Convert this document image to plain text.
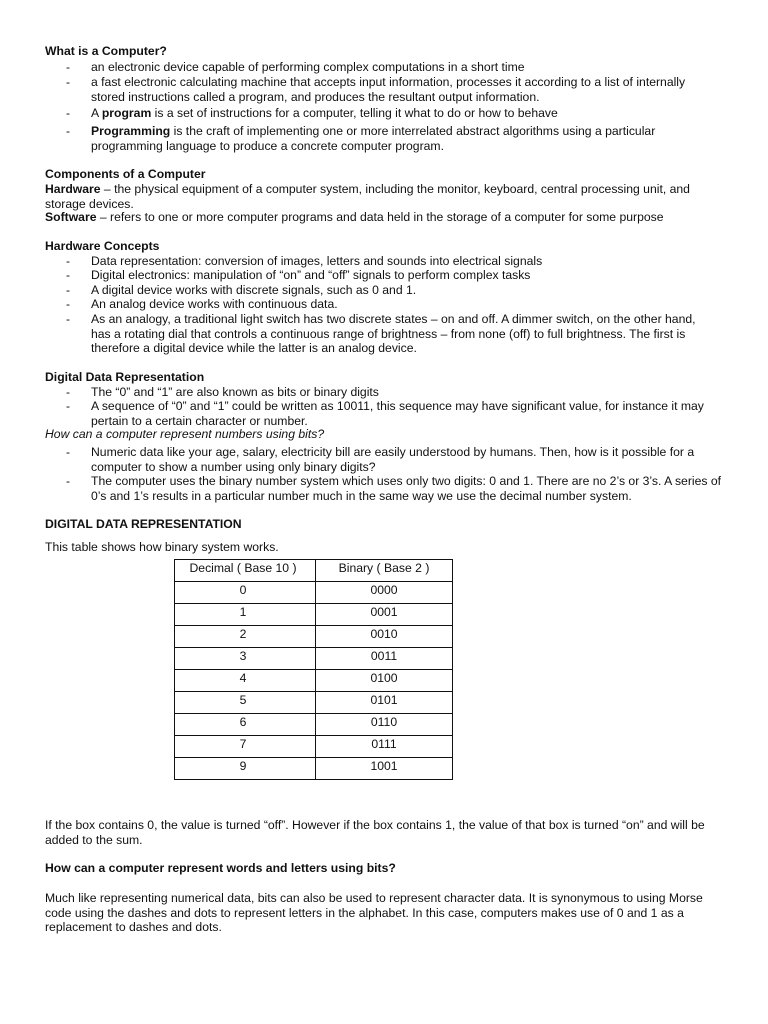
What is a Computer?
- an electronic device capable of performing complex computations in a short time
- a fast electronic calculating machine that accepts input information, processes it according to a list of internally stored instructions called a program, and produces the resultant output information.
- A program is a set of instructions for a computer, telling it what to do or how to behave
- Programming is the craft of implementing one or more interrelated abstract algorithms using a particular programming language to produce a concrete computer program.
Components of a Computer
Hardware – the physical equipment of a computer system, including the monitor, keyboard, central processing unit, and storage devices.
Software – refers to one or more computer programs and data held in the storage of a computer for some purpose
Hardware Concepts
- Data representation: conversion of images, letters and sounds into electrical signals
- Digital electronics: manipulation of “on” and “off” signals to perform complex tasks
- A digital device works with discrete signals, such as 0 and 1.
- An analog device works with continuous data.
- As an analogy, a traditional light switch has two discrete states – on and off. A dimmer switch, on the other hand, has a rotating dial that controls a continuous range of brightness – from none (off) to full brightness. The first is therefore a digital device while the latter is an analog device.
Digital Data Representation
- The “0” and “1” are also known as bits or binary digits
- A sequence of “0” and “1” could be written as 10011, this sequence may have significant value, for instance it may pertain to a certain character or number.
How can a computer represent numbers using bits?
- Numeric data like your age, salary, electricity bill are easily understood by humans. Then, how is it possible for a computer to show a number using only binary digits?
- The computer uses the binary number system which uses only two digits: 0 and 1. There are no 2’s or 3’s. A series of 0’s and 1’s results in a particular number much in the same way we use the decimal number system.
DIGITAL DATA REPRESENTATION
This table shows how binary system works.
Decimal ( Base 10 )	Binary ( Base 2 )
0	0000
1	0001
2	0010
3	0011
4	0100
5	0101
6	0110
7	0111
9	1001
If the box contains 0, the value is turned “off”. However if the box contains 1, the value of that box is turned “on” and will be added to the sum.
How can a computer represent words and letters using bits?
Much like representing numerical data, bits can also be used to represent character data. It is synonymous to using Morse code using the dashes and dots to represent letters in the alphabet. In this case, computers makes use of 0 and 1 as a replacement to dashes and dots.
